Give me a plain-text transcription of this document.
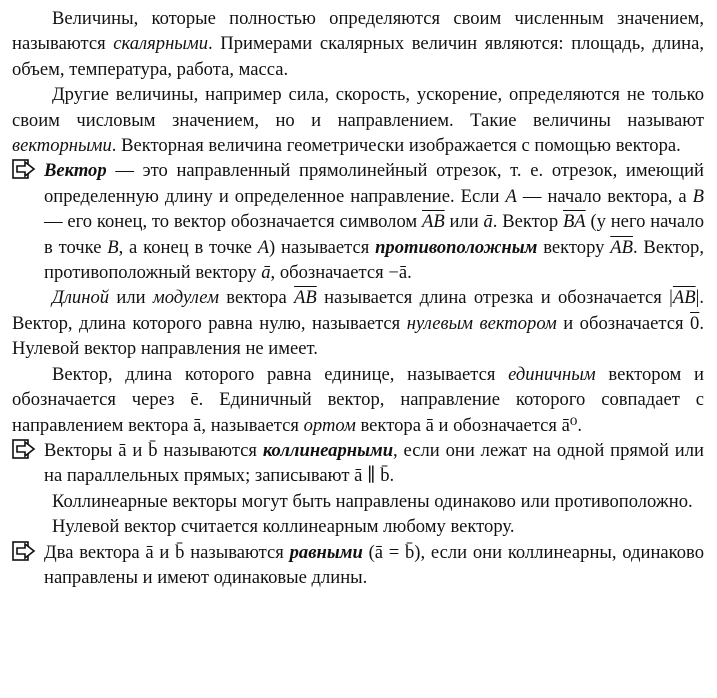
Величины, которые полностью определяются своим численным значением, называются скалярными. Примерами скалярных величин являются: площадь, длина, объем, температура, работа, масса.

Другие величины, например сила, скорость, ускорение, определяются не только своим числовым значением, но и направлением. Такие величины называют векторными. Векторная величина геометрически изображается с помощью вектора.

Вектор — это направленный прямолинейный отрезок, т. е. отрезок, имеющий определенную длину и определенное направление. Если A — начало вектора, а B — его конец, то вектор обозначается символом $\overline{AB}$ или ā. Вектор $\overline{BA}$ (у него начало в точке B, а конец в точке A) называется противоположным вектору $\overline{AB}$. Вектор, противоположный вектору ā, обозначается −ā.

Длиной или модулем вектора $\overline{AB}$ называется длина отрезка и обозначается $|\overline{AB}|$. Вектор, длина которого равна нулю, называется нулевым вектором и обозначается 0. Нулевой вектор направления не имеет.

Вектор, длина которого равна единице, называется единичным вектором и обозначается через ē. Единичный вектор, направление которого совпадает с направлением вектора ā, называется ортом вектора ā и обозначается ā⁰.

Векторы ā и b̄ называются коллинеарными, если они лежат на одной прямой или на параллельных прямых; записывают ā ∥ b̄.

Коллинеарные векторы могут быть направлены одинаково или противоположно.

Нулевой вектор считается коллинеарным любому вектору.

Два вектора ā и b̄ называются равными (ā = b̄), если они коллинеарны, одинаково направлены и имеют одинаковые длины.
